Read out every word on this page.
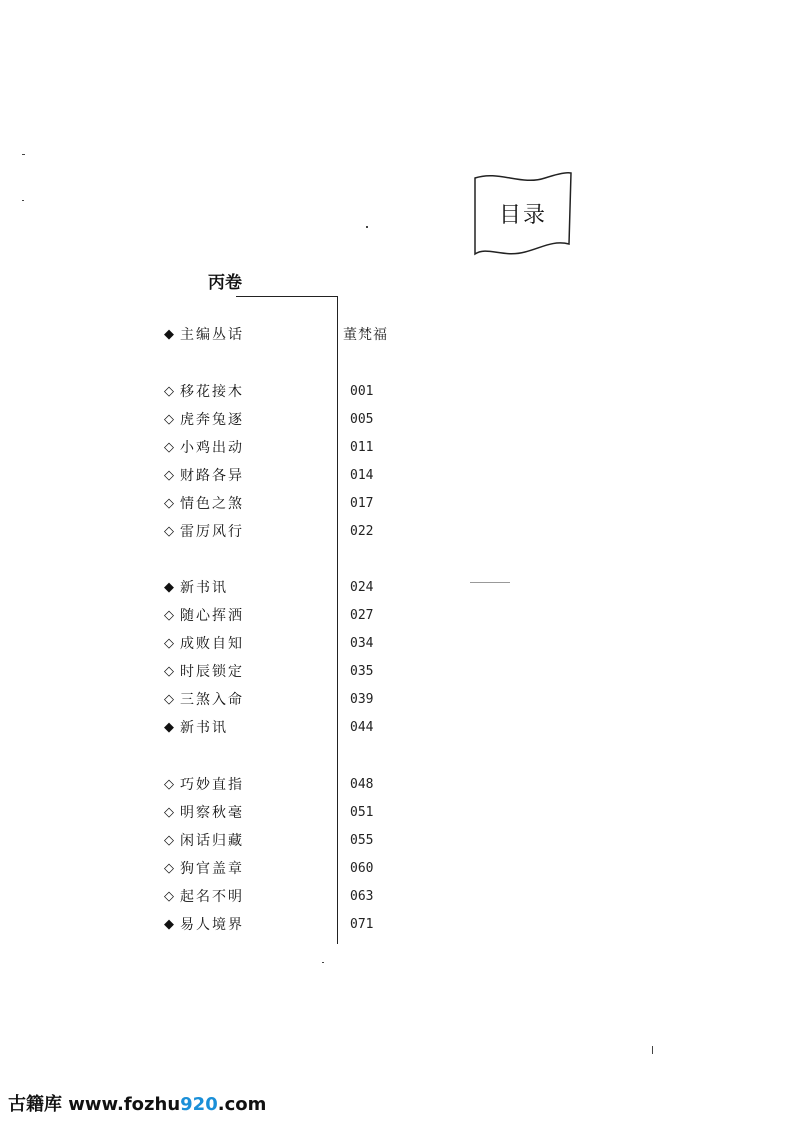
目录
丙卷
◆ 主编丛话	董梵福
◇ 移花接木	001
◇ 虎奔兔逐	005
◇ 小鸡出动	011
◇ 财路各异	014
◇ 情色之煞	017
◇ 雷厉风行	022
◆ 新书讯	024
◇ 随心挥洒	027
◇ 成败自知	034
◇ 时辰锁定	035
◇ 三煞入命	039
◆ 新书讯	044
◇ 巧妙直指	048
◇ 明察秋毫	051
◇ 闲话归藏	055
◇ 狗官盖章	060
◇ 起名不明	063
◆ 易人境界	071
古籍库 www.fozhu920.com
